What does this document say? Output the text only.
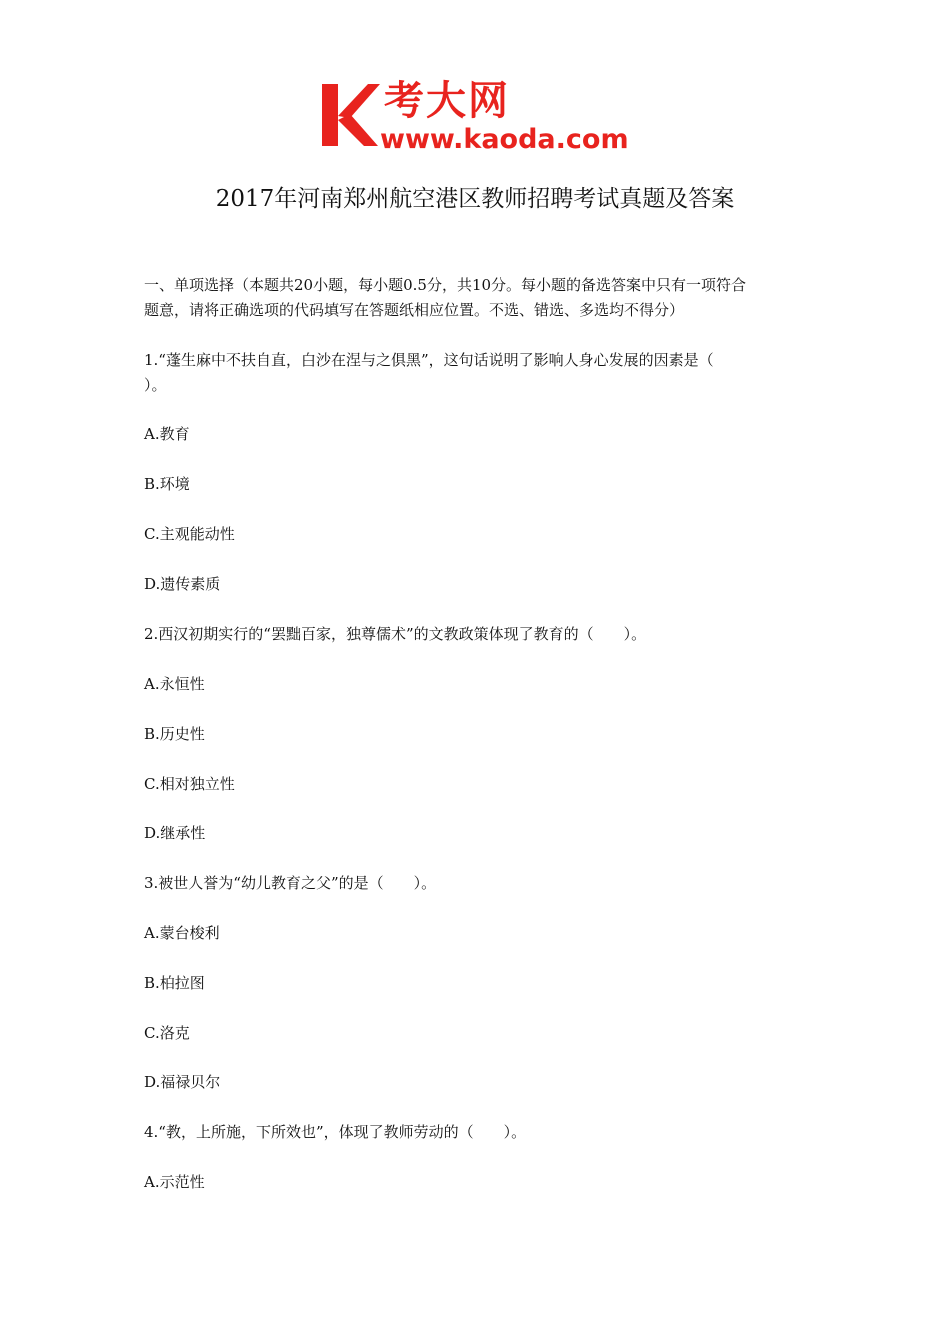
考大网
www.kaoda.com
2017年河南郑州航空港区教师招聘考试真题及答案

一、单项选择（本题共20小题，每小题0.5分，共10分。每小题的备选答案中只有一项符合

题意，请将正确选项的代码填写在答题纸相应位置。不选、错选、多选均不得分）

1.“蓬生麻中不扶自直，白沙在涅与之俱黑”，这句话说明了影响人身心发展的因素是（

）。

A.教育

B.环境

C.主观能动性

D.遗传素质

2.西汉初期实行的“罢黜百家，独尊儒术”的文教政策体现了教育的（　　）。

A.永恒性

B.历史性

C.相对独立性

D.继承性

3.被世人誉为“幼儿教育之父”的是（　　）。

A.蒙台梭利

B.柏拉图

C.洛克

D.福禄贝尔

4.“教，上所施，下所效也”，体现了教师劳动的（　　）。

A.示范性
